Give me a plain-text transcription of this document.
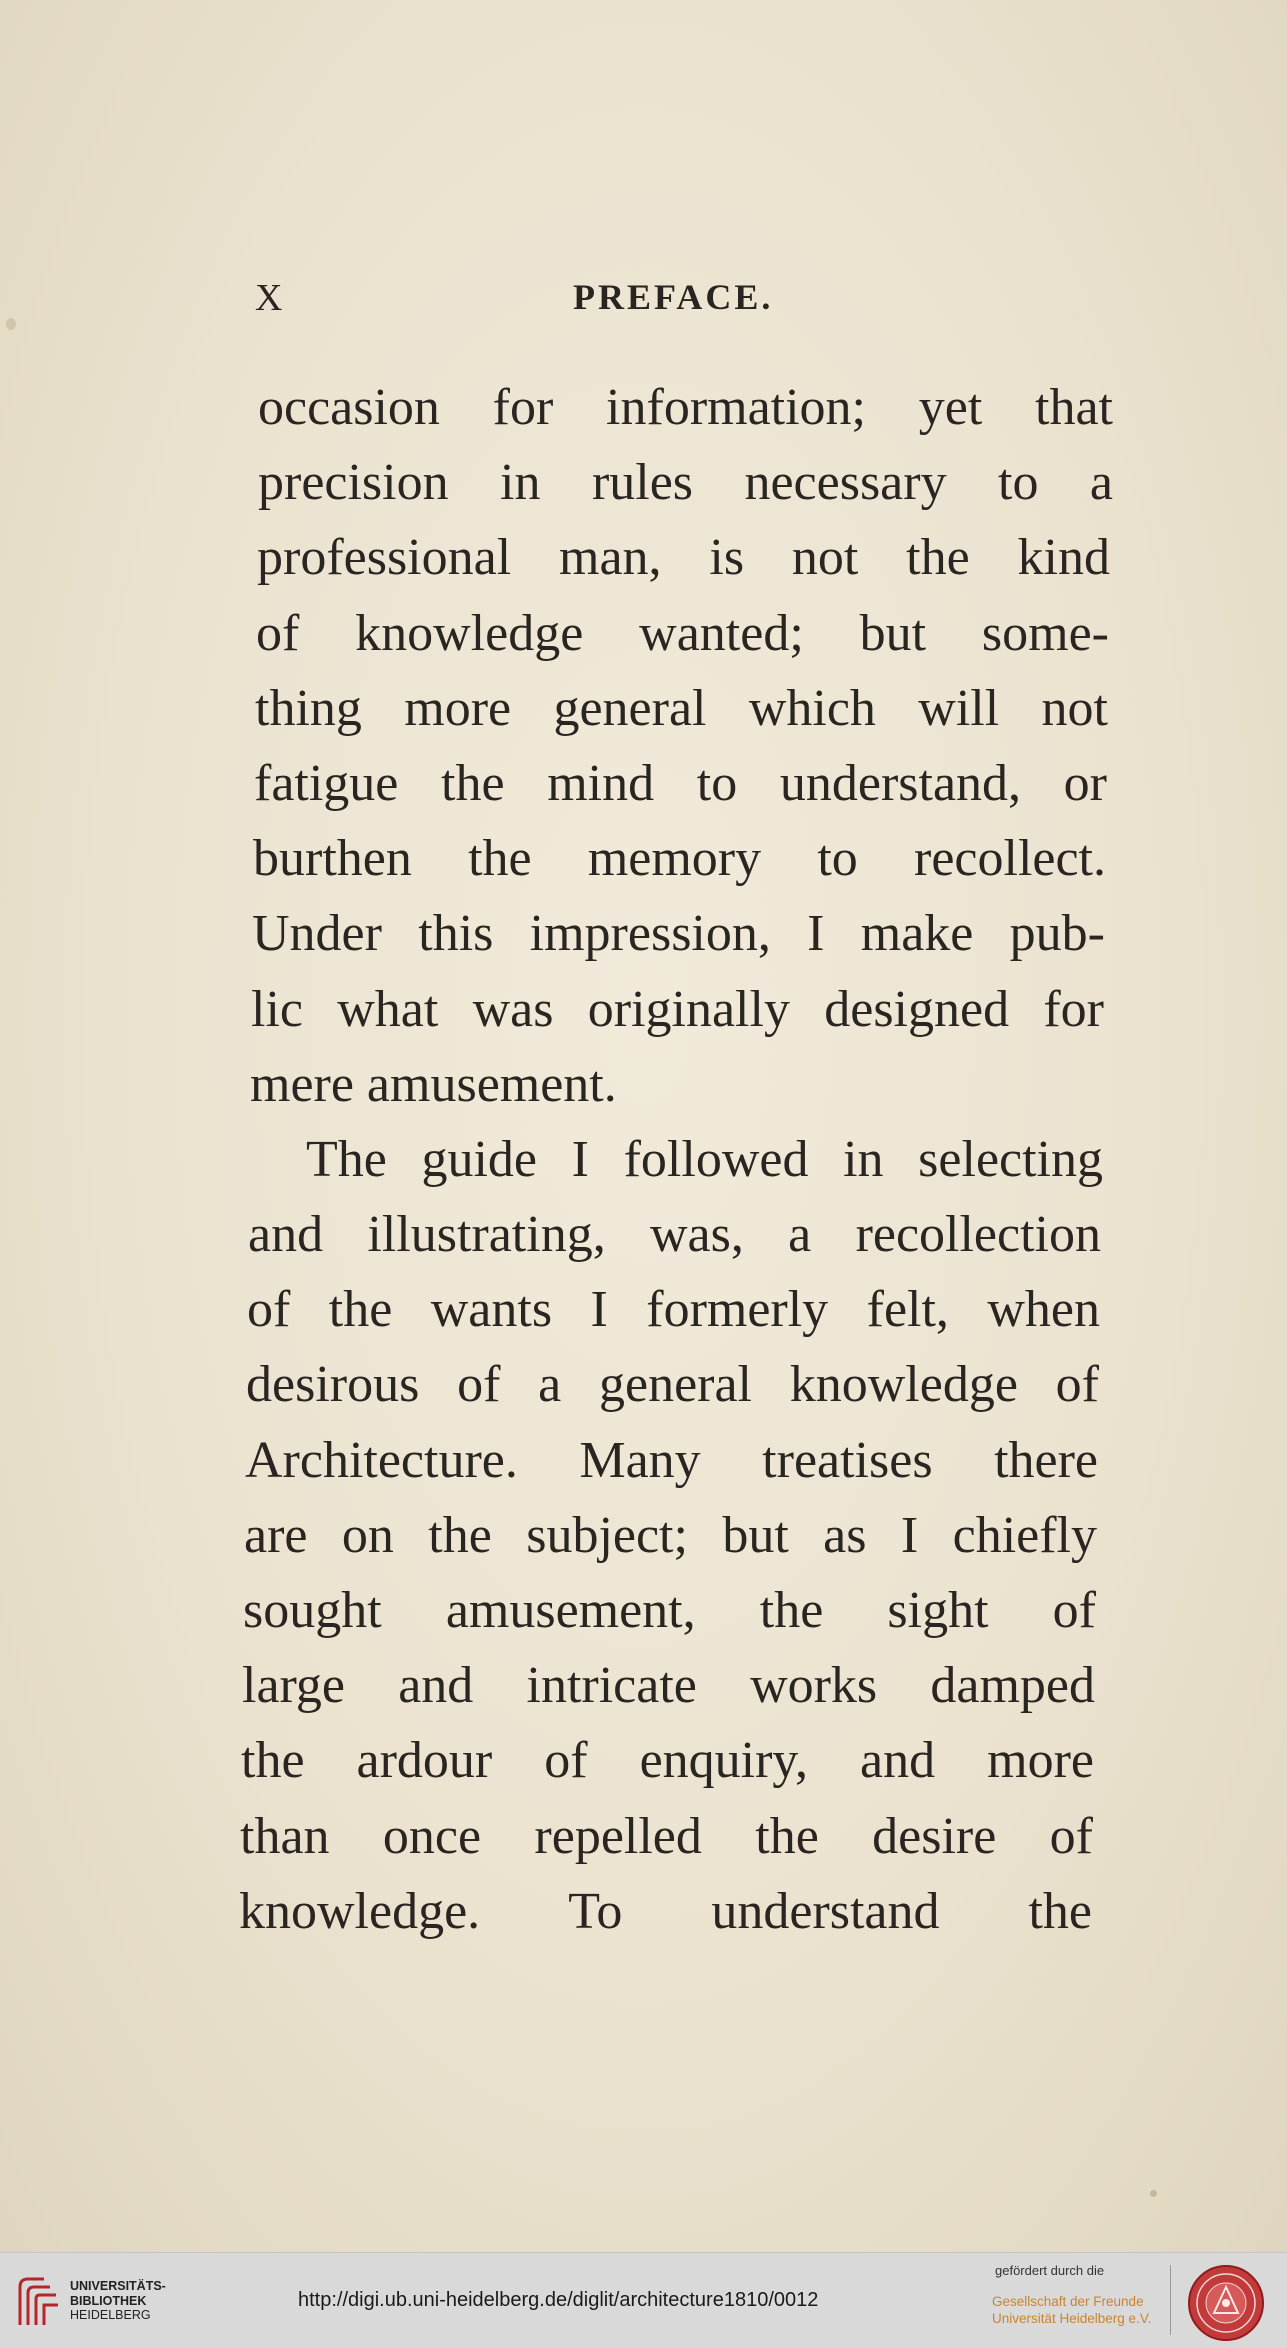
X	PREFACE.
occasion for information; yet that
precision in rules necessary to a
professional man, is not the kind
of knowledge wanted; but some-
thing more general which will not
fatigue the mind to understand, or
burthen the memory to recollect.
Under this impression, I make pub-
lic what was originally designed for
mere amusement.
The guide I followed in selecting
and illustrating, was, a recollection
of the wants I formerly felt, when
desirous of a general knowledge of
Architecture. Many treatises there
are on the subject; but as I chiefly
sought amusement, the sight of
large and intricate works damped
the ardour of enquiry, and more
than once repelled the desire of
knowledge. To understand the
UNIVERSITÄTS-
BIBLIOTHEK
HEIDELBERG
http://digi.ub.uni-heidelberg.de/diglit/architecture1810/0012
gefördert durch die
Gesellschaft der Freunde
Universität Heidelberg e.V.
